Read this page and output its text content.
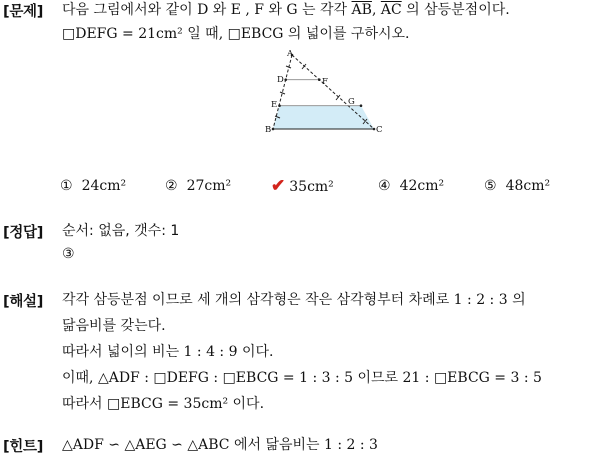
[문제] 다음 그림에서와 같이 D 와 E , F 와 G 는 각각 $\overline{AB}$, $\overline{AC}$ 의 삼등분점이다.
□DEFG = 21cm² 일 때, □EBCG 의 넓이를 구하시오.
A
D
E
B
F
G
C
① 24cm²	② 27cm² ✔ 35cm²	④ 42cm²	⑤ 48cm²
[정답] 순서: 없음, 갯수: 1
③
[해설] 각각 삼등분점 이므로 세 개의 삼각형은 작은 삼각형부터 차례로 1 : 2 : 3 의
닮음비를 갖는다.
따라서 넓이의 비는 1 : 4 : 9 이다.
이때, △ADF : □DEFG : □EBCG = 1 : 3 : 5 이므로 21 : □EBCG = 3 : 5
따라서 □EBCG = 35cm² 이다.
[힌트] △ADF ∽ △AEG ∽ △ABC 에서 닮음비는 1 : 2 : 3
